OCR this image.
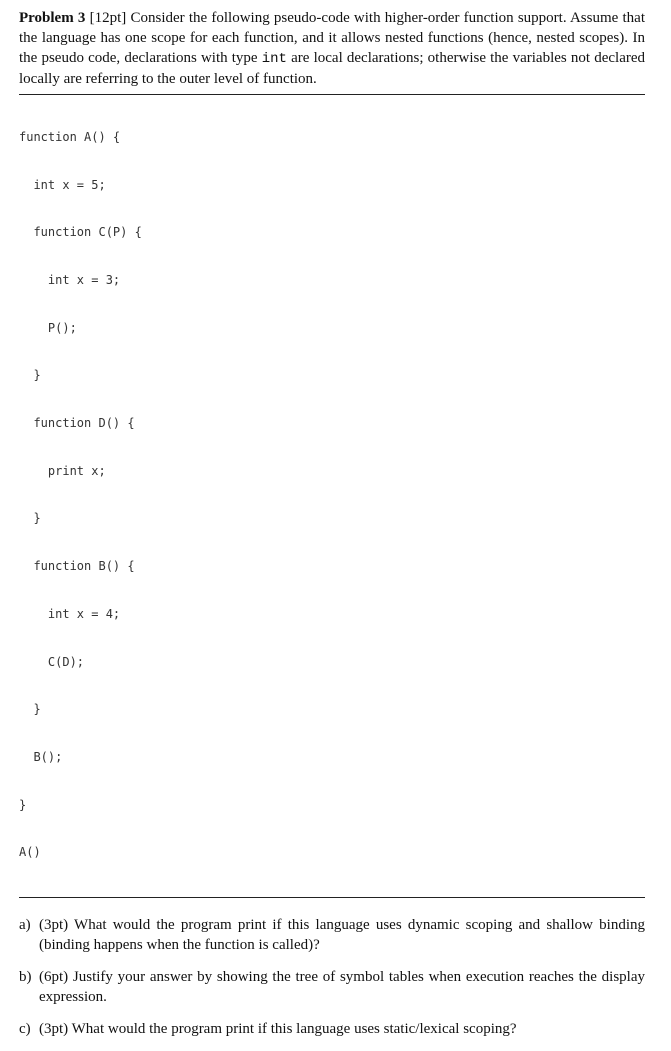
Problem 3 [12pt] Consider the following pseudo-code with higher-order function support. Assume that the language has one scope for each function, and it allows nested functions (hence, nested scopes). In the pseudo code, declarations with type int are local declarations; otherwise the variables not declared locally are referring to the outer level of function.

function A() {

int x = 5;

function C(P) {

int x = 3;

P();

}

function D() {

print x;

}

function B() {

int x = 4;

C(D);

}

B();

}

A()

a) (3pt) What would the program print if this language uses dynamic scoping and shallow binding (binding happens when the function is called)?
b) (6pt) Justify your answer by showing the tree of symbol tables when execution reaches the display expression.
c) (3pt) What would the program print if this language uses static/lexical scoping?
